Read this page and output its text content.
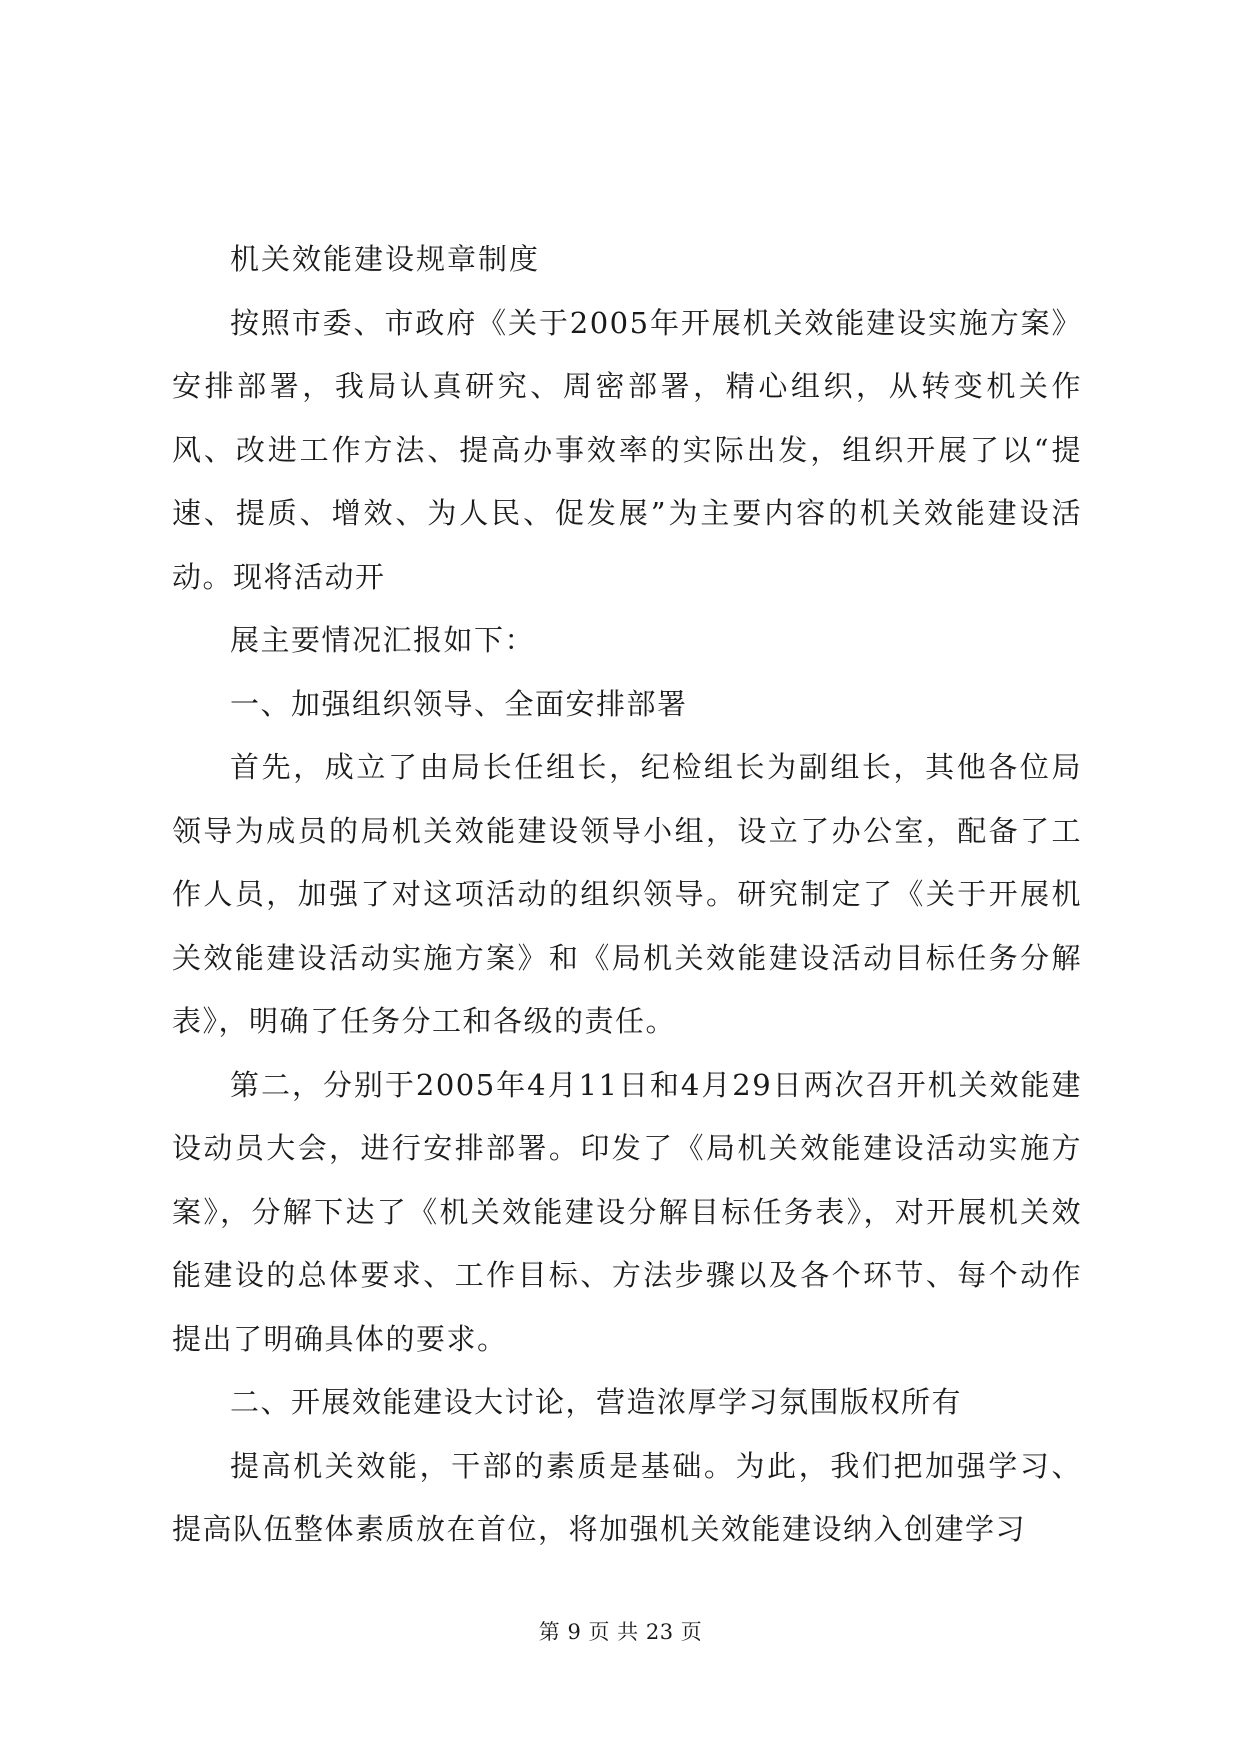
机关效能建设规章制度

按照市委、市政府《关于2005年开展机关效能建设实施方案》安排部署，我局认真研究、周密部署，精心组织，从转变机关作风、改进工作方法、提高办事效率的实际出发，组织开展了以“提速、提质、增效、为人民、促发展”为主要内容的机关效能建设活动。现将活动开

展主要情况汇报如下：

一、加强组织领导、全面安排部署

首先，成立了由局长任组长，纪检组长为副组长，其他各位局领导为成员的局机关效能建设领导小组，设立了办公室，配备了工作人员，加强了对这项活动的组织领导。研究制定了《关于开展机关效能建设活动实施方案》和《局机关效能建设活动目标任务分解表》，明确了任务分工和各级的责任。

第二，分别于2005年4月11日和4月29日两次召开机关效能建设动员大会，进行安排部署。印发了《局机关效能建设活动实施方案》，分解下达了《机关效能建设分解目标任务表》，对开展机关效能建设的总体要求、工作目标、方法步骤以及各个环节、每个动作提出了明确具体的要求。

二、开展效能建设大讨论，营造浓厚学习氛围版权所有

提高机关效能，干部的素质是基础。为此，我们把加强学习、提高队伍整体素质放在首位，将加强机关效能建设纳入创建学习

第 9 页 共 23 页
